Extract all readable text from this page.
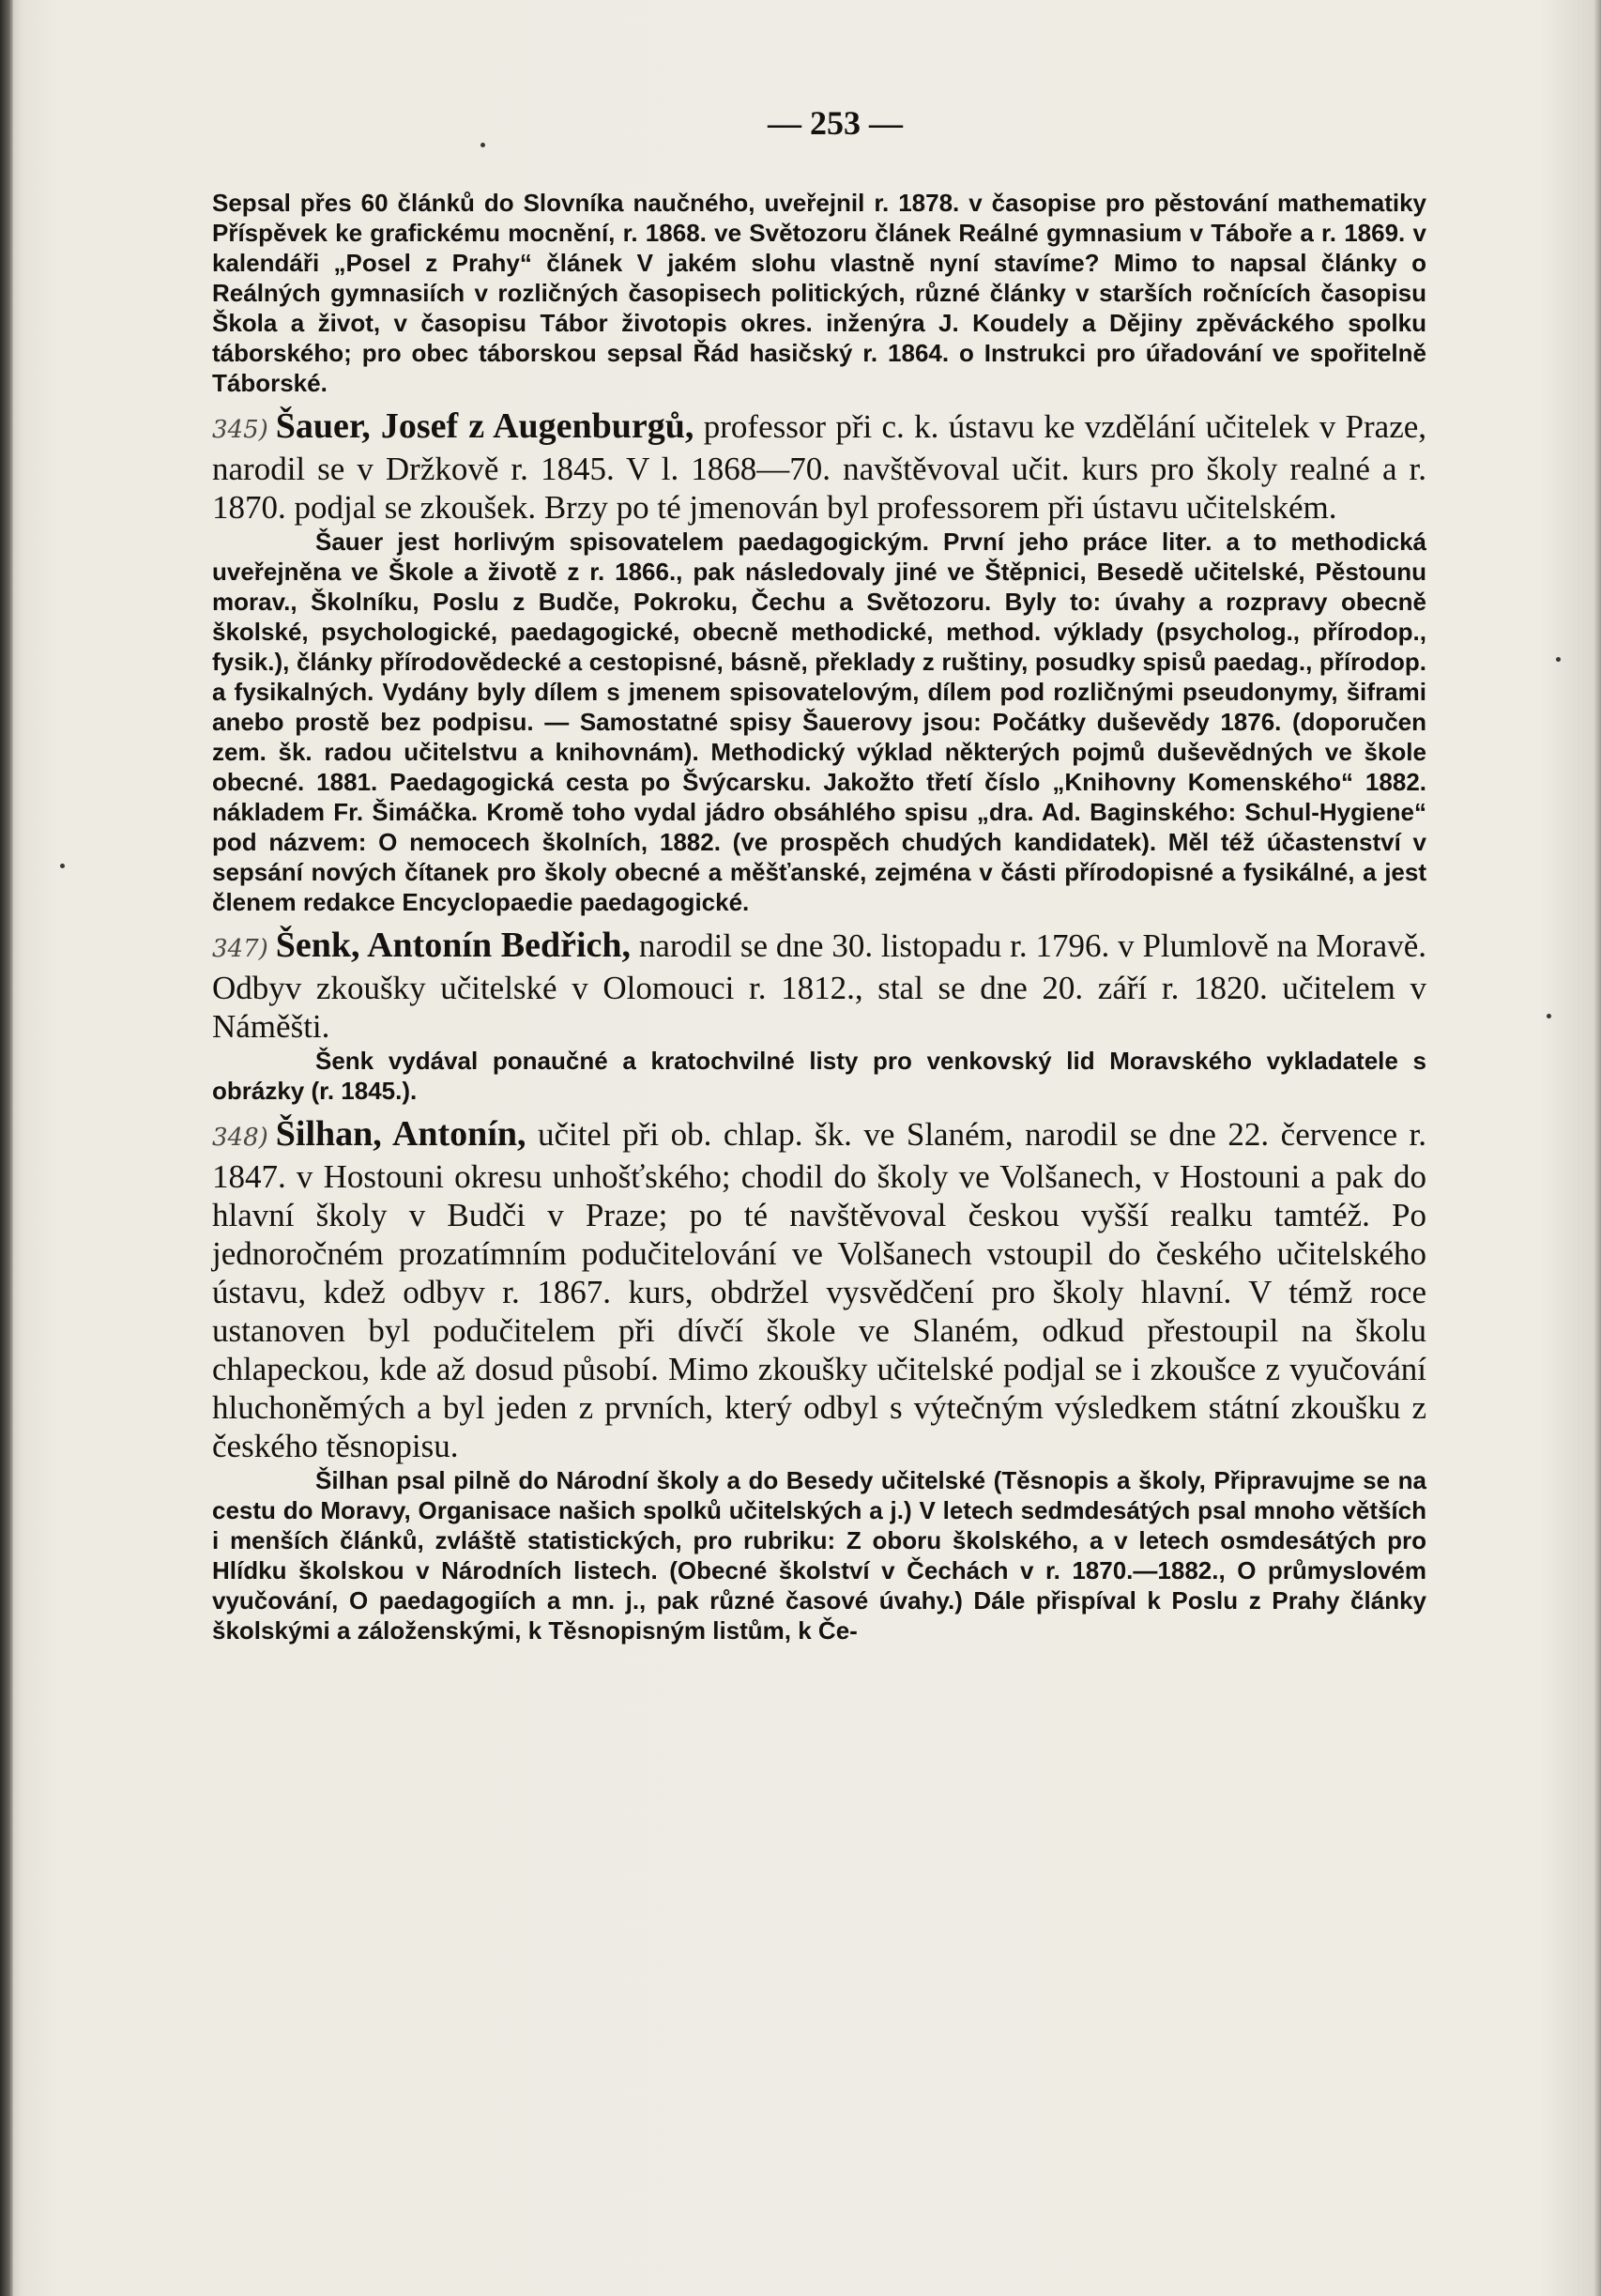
— 253 —

Sepsal přes 60 článků do Slovníka naučného, uveřejnil r. 1878. v časopise pro pěstování mathematiky Příspěvek ke grafickému mocnění, r. 1868. ve Světozoru článek Reálné gymnasium v Táboře a r. 1869. v kalendáři „Posel z Prahy“ článek V jakém slohu vlastně nyní stavíme? Mimo to napsal články o Reálných gymnasiích v rozličných časopisech politických, různé články v starších ročnících časopisu Škola a život, v časopisu Tábor životopis okres. inženýra J. Koudely a Dějiny zpěváckého spolku táborského; pro obec táborskou sepsal Řád hasičský r. 1864. o Instrukci pro úřadování ve spořitelně Táborské.

345) Šauer, Josef z Augenburgů, professor při c. k. ústavu ke vzdělání učitelek v Praze, narodil se v Držkově r. 1845. V l. 1868—70. navštěvoval učit. kurs pro školy realné a r. 1870. podjal se zkoušek. Brzy po té jmenován byl professorem při ústavu učitelském.

Šauer jest horlivým spisovatelem paedagogickým. První jeho práce liter. a to methodická uveřejněna ve Škole a životě z r. 1866., pak následovaly jiné ve Štěpnici, Besedě učitelské, Pěstounu morav., Školníku, Poslu z Budče, Pokroku, Čechu a Světozoru. Byly to: úvahy a rozpravy obecně školské, psychologické, paedagogické, obecně methodické, method. výklady (psycholog., přírodop., fysik.), články přírodovědecké a cestopisné, básně, překlady z ruštiny, posudky spisů paedag., přírodop. a fysikalných. Vydány byly dílem s jmenem spisovatelovým, dílem pod rozličnými pseudonymy, šiframi anebo prostě bez podpisu. — Samostatné spisy Šauerovy jsou: Počátky duševědy 1876. (doporučen zem. šk. radou učitelstvu a knihovnám). Methodický výklad některých pojmů duševědných ve škole obecné. 1881. Paedagogická cesta po Švýcarsku. Jakožto třetí číslo „Knihovny Komenského“ 1882. nákladem Fr. Šimáčka. Kromě toho vydal jádro obsáhlého spisu „dra. Ad. Baginského: Schul-Hygiene“ pod názvem: O nemocech školních, 1882. (ve prospěch chudých kandidatek). Měl též účastenství v sepsání nových čítanek pro školy obecné a měšťanské, zejména v části přírodopisné a fysikálné, a jest členem redakce Encyclopaedie paedagogické.

347) Šenk, Antonín Bedřich, narodil se dne 30. listopadu r. 1796. v Plumlově na Moravě. Odbyv zkoušky učitelské v Olomouci r. 1812., stal se dne 20. září r. 1820. učitelem v Náměšti.

Šenk vydával ponaučné a kratochvilné listy pro venkovský lid Moravského vykladatele s obrázky (r. 1845.).

348) Šilhan, Antonín, učitel při ob. chlap. šk. ve Slaném, narodil se dne 22. července r. 1847. v Hostouni okresu unhošťského; chodil do školy ve Volšanech, v Hostouni a pak do hlavní školy v Budči v Praze; po té navštěvoval českou vyšší realku tamtéž. Po jednoročném prozatímním podučitelování ve Volšanech vstoupil do českého učitelského ústavu, kdež odbyv r. 1867. kurs, obdržel vysvědčení pro školy hlavní. V témž roce ustanoven byl podučitelem při dívčí škole ve Slaném, odkud přestoupil na školu chlapeckou, kde až dosud působí. Mimo zkoušky učitelské podjal se i zkoušce z vyučování hluchoněmých a byl jeden z prvních, který odbyl s výtečným výsledkem státní zkoušku z českého těsnopisu.

Šilhan psal pilně do Národní školy a do Besedy učitelské (Těsnopis a školy, Připravujme se na cestu do Moravy, Organisace našich spolků učitelských a j.) V letech sedmdesátých psal mnoho větších i menších článků, zvláště statistických, pro rubriku: Z oboru školského, a v letech osmdesátých pro Hlídku školskou v Národních listech. (Obecné školství v Čechách v r. 1870.—1882., O průmyslovém vyučování, O paedagogiích a mn. j., pak různé časové úvahy.) Dále přispíval k Poslu z Prahy články školskými a záloženskými, k Těsnopisným listům, k Če-
